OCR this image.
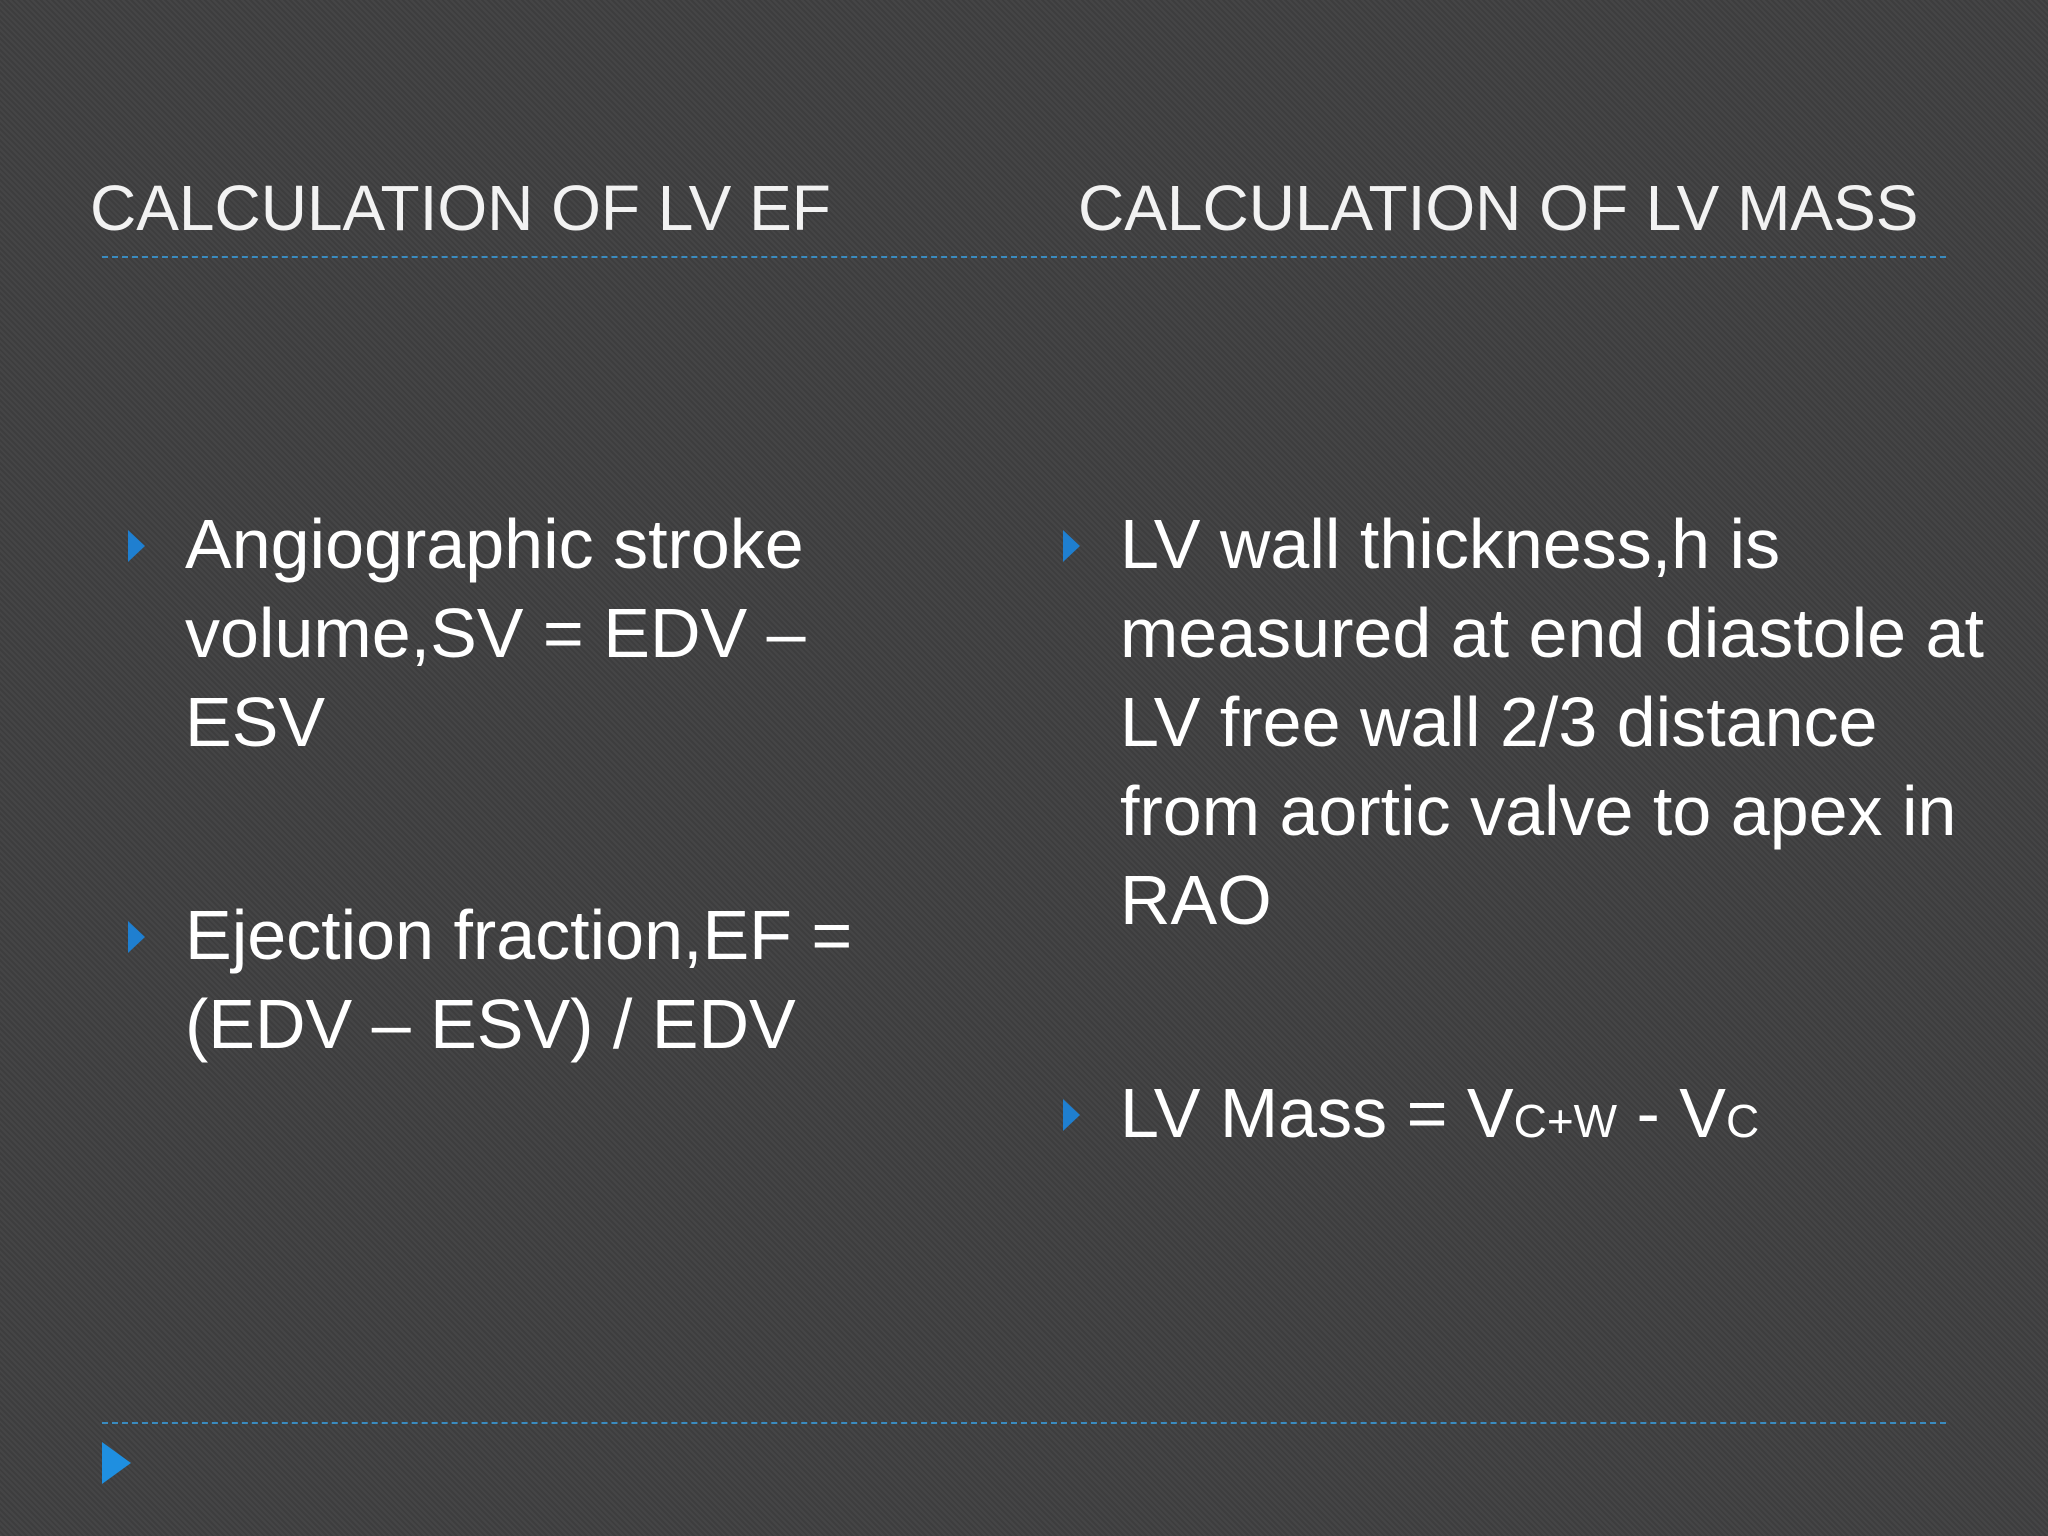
CALCULATION OF LV EF	CALCULATION OF LV MASS
Angiographic stroke volume,SV = EDV – ESV
Ejection fraction,EF = (EDV – ESV) / EDV
LV wall thickness,h is measured at end diastole at LV free wall 2/3 distance from aortic valve to apex in RAO
LV Mass = VC+W - VC
